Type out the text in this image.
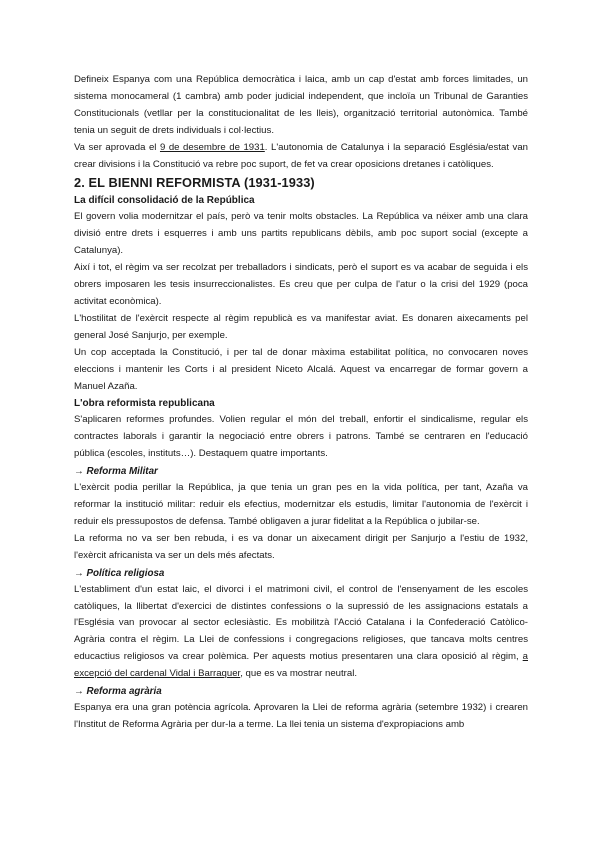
Defineix Espanya com una República democràtica i laica, amb un cap d'estat amb forces limitades, un sistema monocameral (1 cambra) amb poder judicial independent, que incloïa un Tribunal de Garanties Constitucionals (vetllar per la constitucionalitat de les lleis), organització territorial autonòmica. També tenia un seguit de drets individuals i col·lectius.

Va ser aprovada el 9 de desembre de 1931. L'autonomia de Catalunya i la separació Església/estat van crear divisions i la Constitució va rebre poc suport, de fet va crear oposicions dretanes i catòliques.

2. EL BIENNI REFORMISTA (1931-1933)
La difícil consolidació de la República

El govern volia modernitzar el país, però va tenir molts obstacles. La República va néixer amb una clara divisió entre drets i esquerres i amb uns partits republicans dèbils, amb poc suport social (excepte a Catalunya).

Així i tot, el règim va ser recolzat per treballadors i sindicats, però el suport es va acabar de seguida i els obrers imposaren les tesis insurreccionalistes. Es creu que per culpa de l'atur o la crisi del 1929 (poca activitat econòmica).

L'hostilitat de l'exèrcit respecte al règim republicà es va manifestar aviat. Es donaren aixecaments pel general José Sanjurjo, per exemple.

Un cop acceptada la Constitució, i per tal de donar màxima estabilitat política, no convocaren noves eleccions i mantenir les Corts i al president Niceto Alcalá. Aquest va encarregar de formar govern a Manuel Azaña.

L'obra reformista republicana

S'aplicaren reformes profundes. Volien regular el món del treball, enfortir el sindicalisme, regular els contractes laborals i garantir la negociació entre obrers i patrons. També se centraren en l'educació pública (escoles, instituts…). Destaquem quatre importants.

→ Reforma Militar

L'exèrcit podia perillar la República, ja que tenia un gran pes en la vida política, per tant, Azaña va reformar la institució militar: reduir els efectius, modernitzar els estudis, limitar l'autonomia de l'exèrcit i reduir els pressupostos de defensa. També obligaven a jurar fidelitat a la República o jubilar-se.

La reforma no va ser ben rebuda, i es va donar un aixecament dirigit per Sanjurjo a l'estiu de 1932, l'exèrcit africanista va ser un dels més afectats.

→ Política religiosa

L'establiment d'un estat laic, el divorci i el matrimoni civil, el control de l'ensenyament de les escoles catòliques, la llibertat d'exercici de distintes confessions o la supressió de les assignacions estatals a l'Església van provocar al sector eclesiàstic. Es mobilitzà l'Acció Catalana i la Confederació Catòlico-Agrària contra el règim. La Llei de confessions i congregacions religioses, que tancava molts centres educactius religiosos va crear polèmica. Per aquests motius presentaren una clara oposició al règim, a excepció del cardenal Vidal i Barraquer, que es va mostrar neutral.

→ Reforma agrària

Espanya era una gran potència agrícola. Aprovaren la Llei de reforma agrària (setembre 1932) i crearen l'Institut de Reforma Agrària per dur-la a terme. La llei tenia un sistema d'expropiacions amb
